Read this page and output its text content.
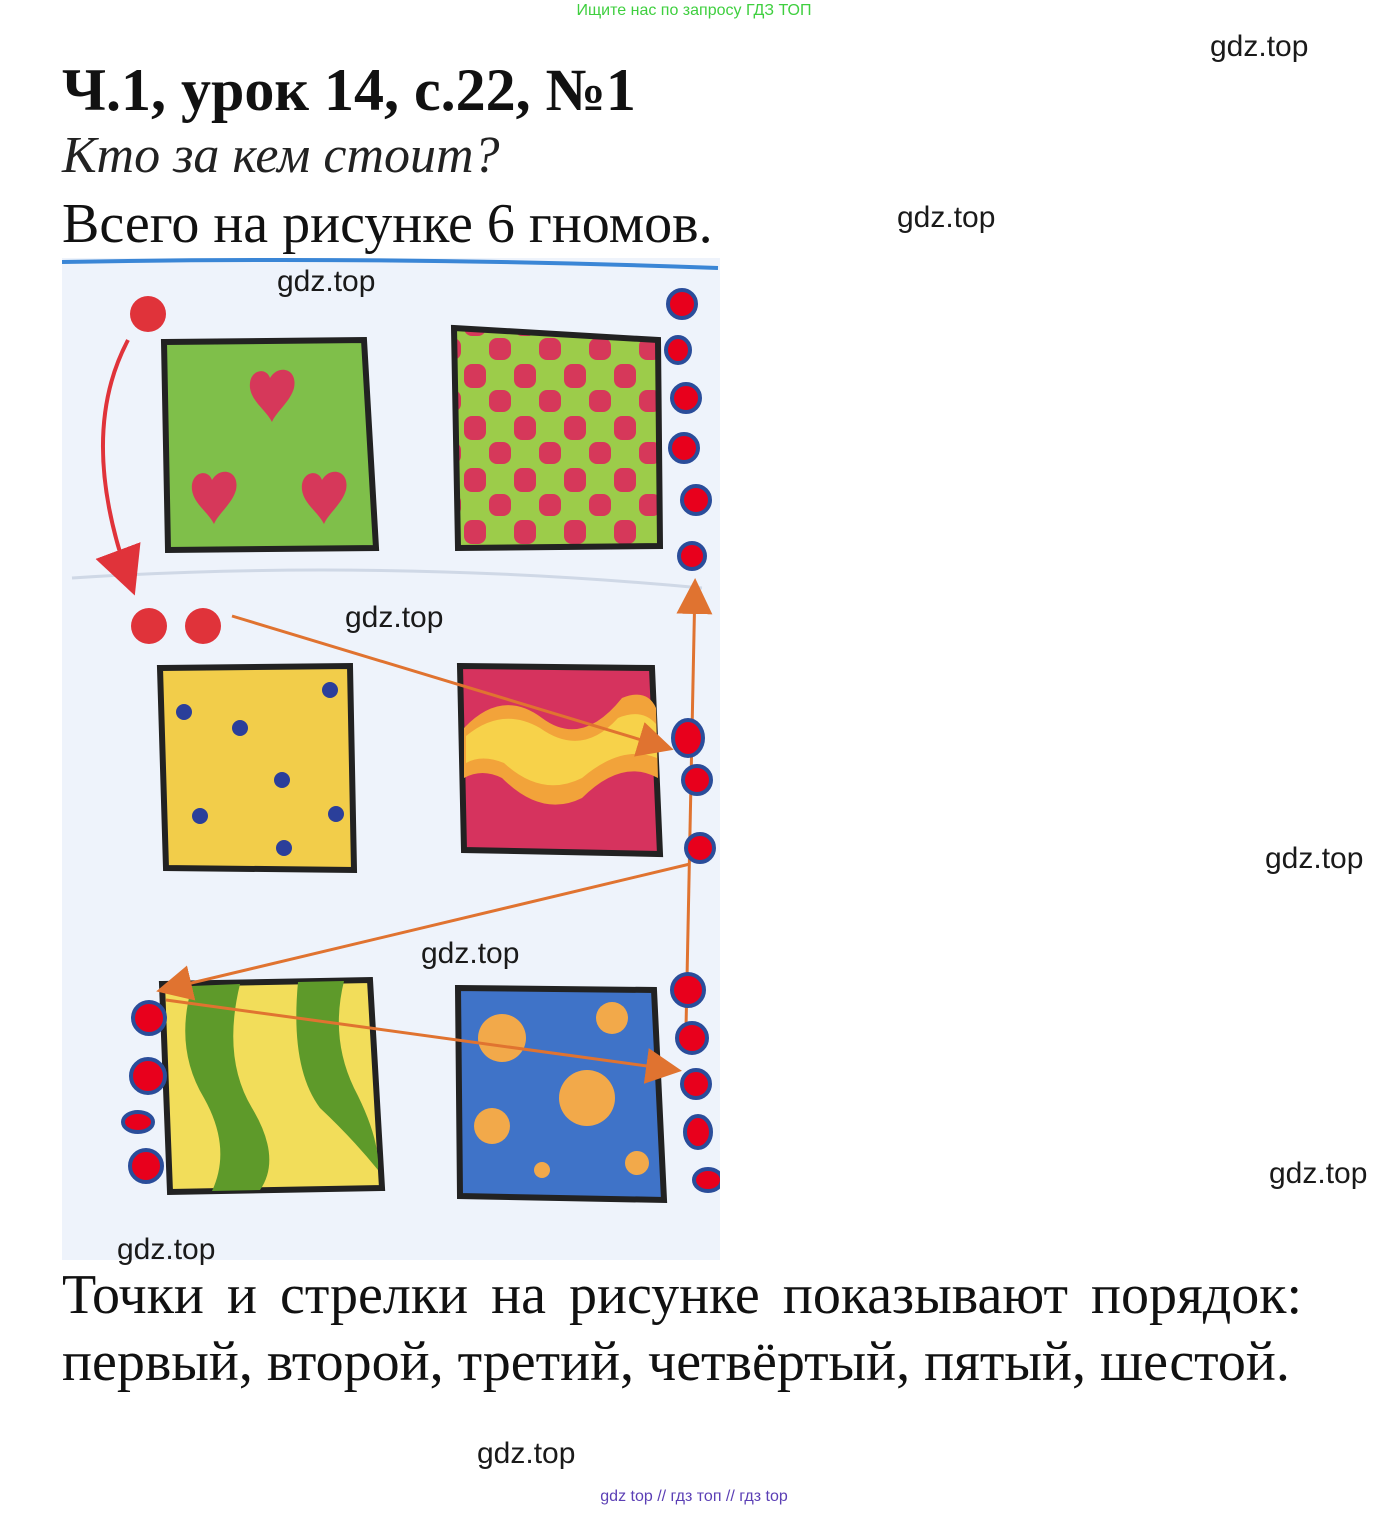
Ищите нас по запросу ГДЗ ТОП
gdz.top
gdz.top
gdz.top
gdz.top
Ч.1, урок 14, с.22, №1
Кто за кем стоит?
Всего на рисунке 6 гномов.
gdz.top
gdz.top
gdz.top
gdz.top
Точки и стрелки на рисунке показывают порядок: первый, второй, третий, четвёртый, пятый, шестой.
gdz.top
gdz top // гдз топ // гдз top
